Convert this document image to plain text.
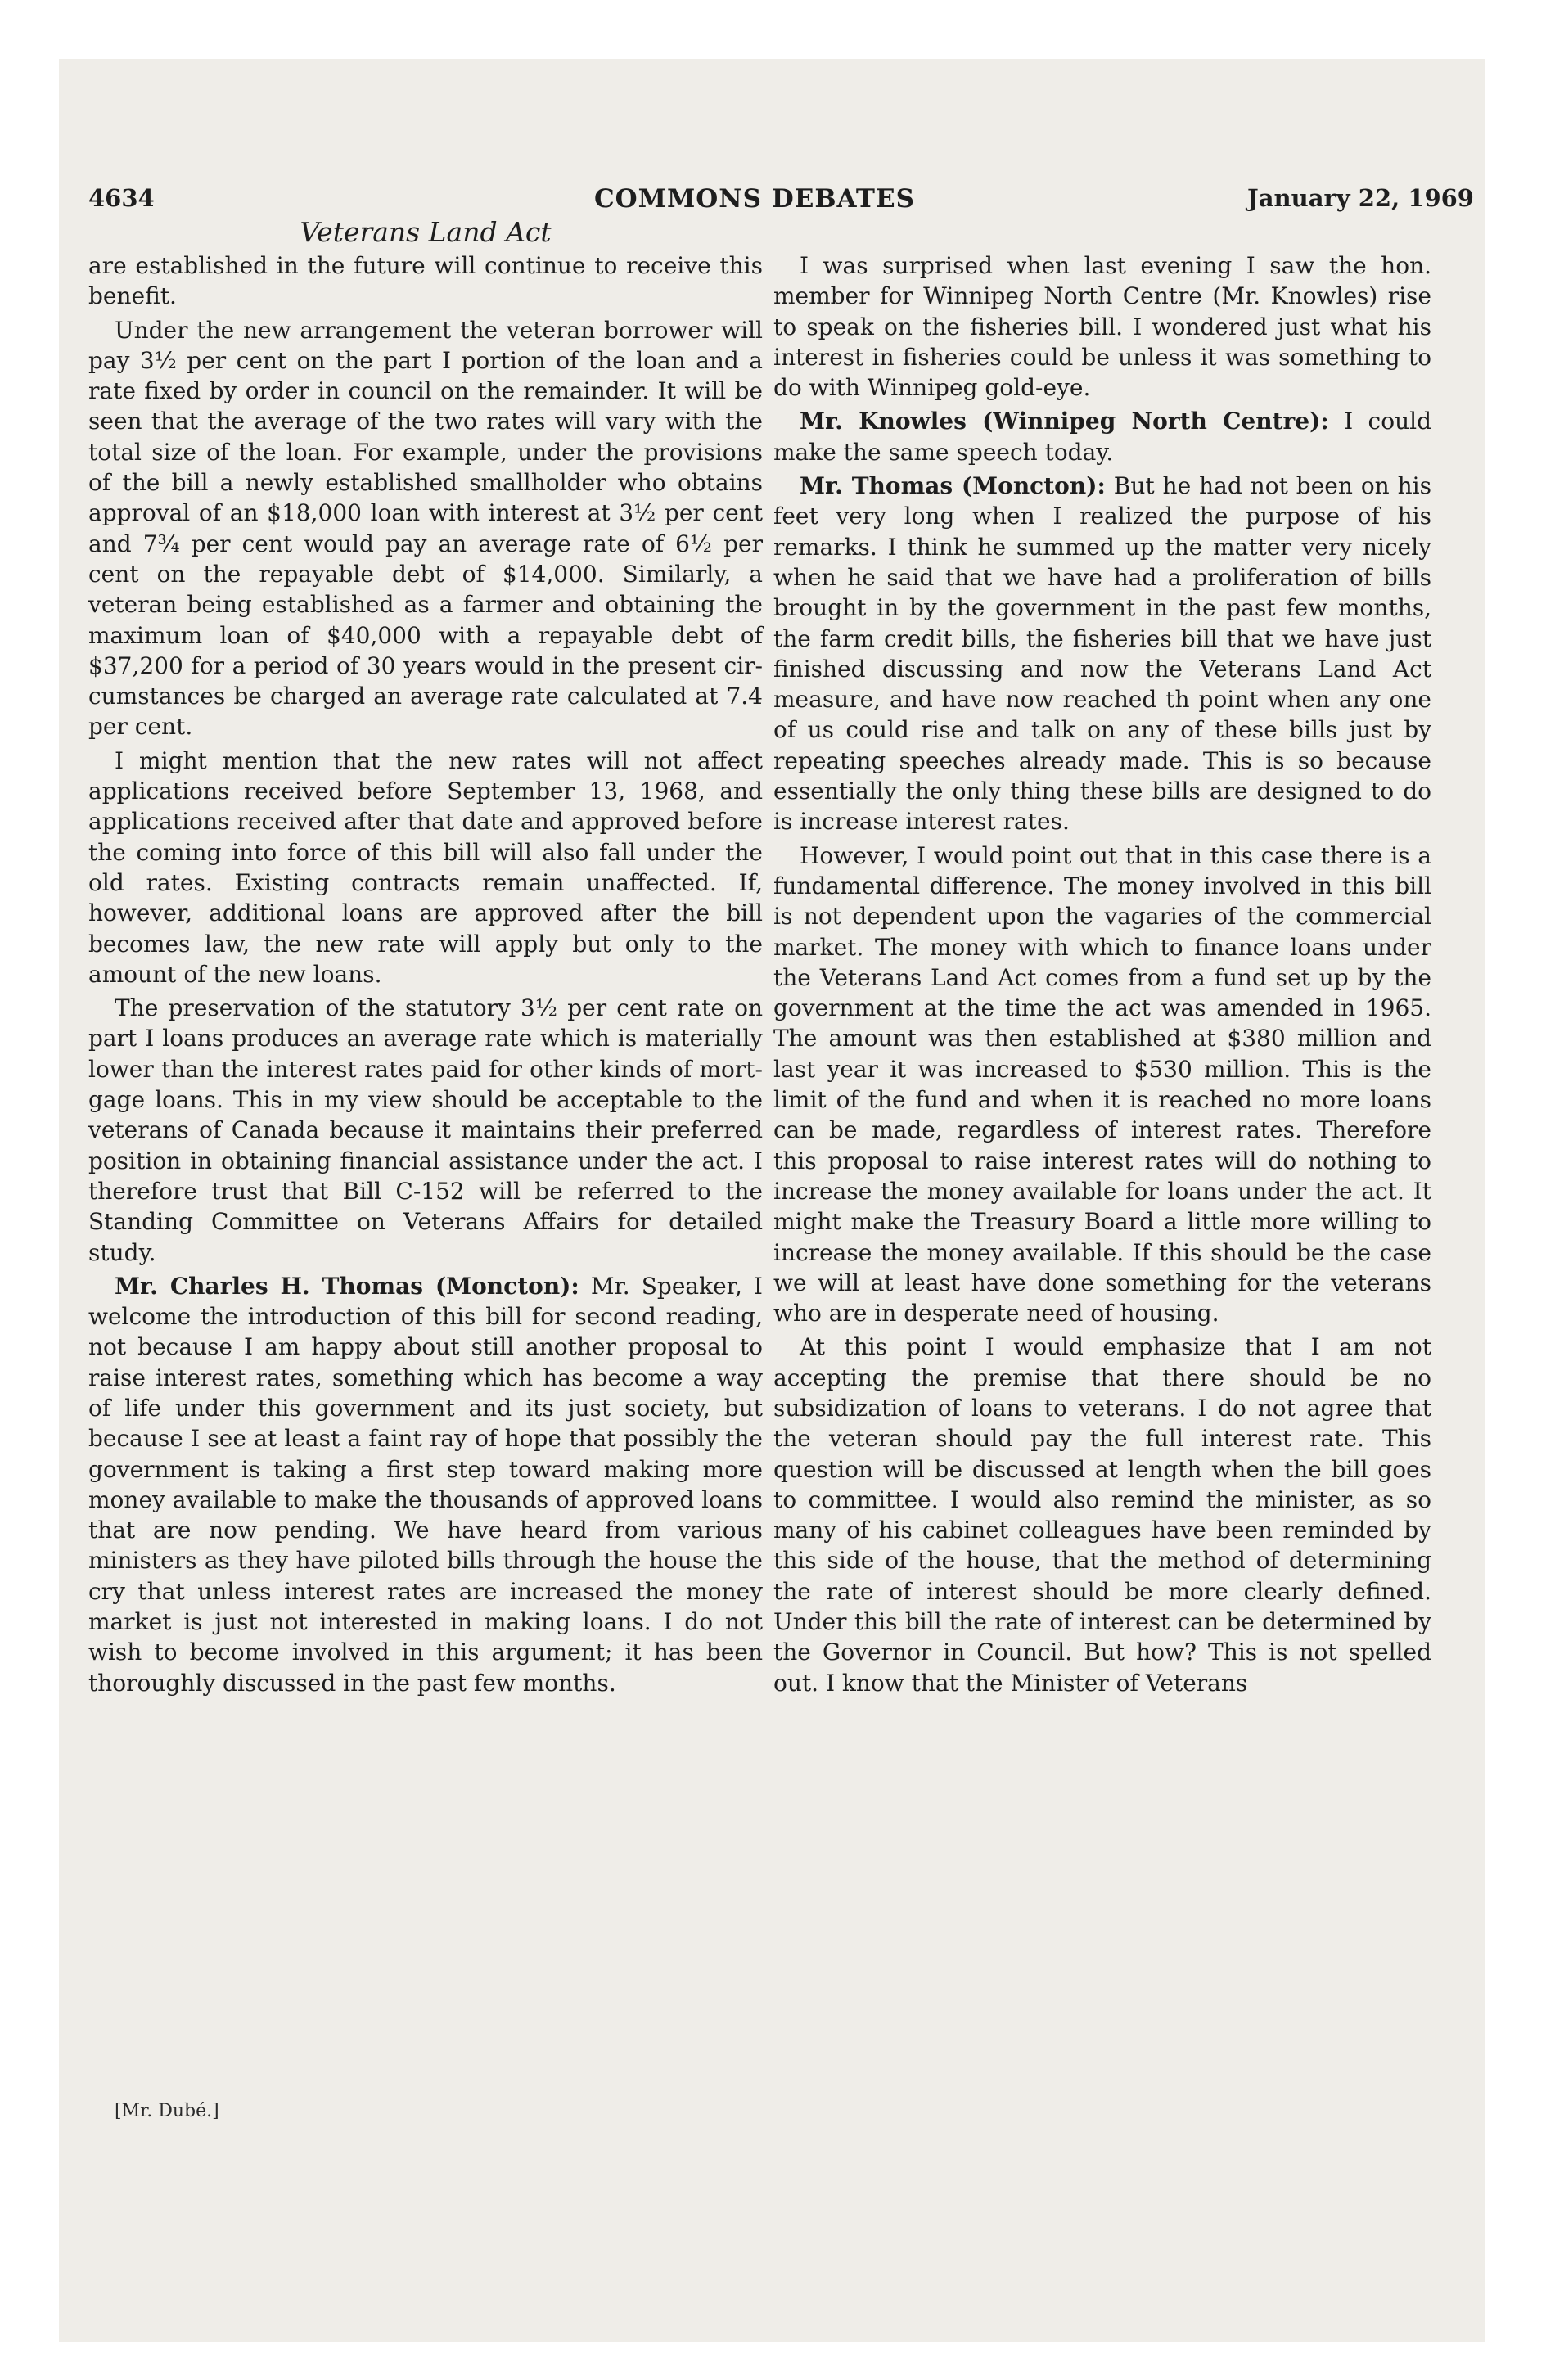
4634	COMMONS DEBATES	January 22, 1969
Veterans Land Act

are established in the future will continue to receive this benefit.

Under the new arrangement the veteran borrower will pay 3½ per cent on the part I portion of the loan and a rate fixed by order in council on the remainder. It will be seen that the average of the two rates will vary with the total size of the loan. For example, under the provisions of the bill a newly established smallholder who obtains approval of an $18,000 loan with interest at 3½ per cent and 7¾ per cent would pay an average rate of 6½ per cent on the repayable debt of $14,000. Similarly, a veteran being established as a farmer and obtaining the maximum loan of $40,000 with a repayable debt of $37,200 for a period of 30 years would in the present circumstances be charged an average rate calculated at 7.4 per cent.

I might mention that the new rates will not affect applications received before September 13, 1968, and applications received after that date and approved before the coming into force of this bill will also fall under the old rates. Existing contracts remain unaffected. If, however, additional loans are approved after the bill becomes law, the new rate will apply but only to the amount of the new loans.

The preservation of the statutory 3½ per cent rate on part I loans produces an average rate which is materially lower than the interest rates paid for other kinds of mortgage loans. This in my view should be acceptable to the veterans of Canada because it maintains their preferred position in obtaining financial assistance under the act. I therefore trust that Bill C-152 will be referred to the Standing Committee on Veterans Affairs for detailed study.

Mr. Charles H. Thomas (Moncton): Mr. Speaker, I welcome the introduction of this bill for second reading, not because I am happy about still another proposal to raise interest rates, something which has become a way of life under this government and its just society, but because I see at least a faint ray of hope that possibly the government is taking a first step toward making more money available to make the thousands of approved loans that are now pending. We have heard from various ministers as they have piloted bills through the house the cry that unless interest rates are increased the money market is just not interested in making loans. I do not wish to become involved in this argument; it has been thoroughly discussed in the past few months.

I was surprised when last evening I saw the hon. member for Winnipeg North Centre (Mr. Knowles) rise to speak on the fisheries bill. I wondered just what his interest in fisheries could be unless it was something to do with Winnipeg gold-eye.

Mr. Knowles (Winnipeg North Centre): I could make the same speech today.

Mr. Thomas (Moncton): But he had not been on his feet very long when I realized the purpose of his remarks. I think he summed up the matter very nicely when he said that we have had a proliferation of bills brought in by the government in the past few months, the farm credit bills, the fisheries bill that we have just finished discussing and now the Veterans Land Act measure, and have now reached th point when any one of us could rise and talk on any of these bills just by repeating speeches already made. This is so because essentially the only thing these bills are designed to do is increase interest rates.

However, I would point out that in this case there is a fundamental difference. The money involved in this bill is not dependent upon the vagaries of the commercial market. The money with which to finance loans under the Veterans Land Act comes from a fund set up by the government at the time the act was amended in 1965. The amount was then established at $380 million and last year it was increased to $530 million. This is the limit of the fund and when it is reached no more loans can be made, regardless of interest rates. Therefore this proposal to raise interest rates will do nothing to increase the money available for loans under the act. It might make the Treasury Board a little more willing to increase the money available. If this should be the case we will at least have done something for the veterans who are in desperate need of housing.

At this point I would emphasize that I am not accepting the premise that there should be no subsidization of loans to veterans. I do not agree that the veteran should pay the full interest rate. This question will be discussed at length when the bill goes to committee. I would also remind the minister, as so many of his cabinet colleagues have been reminded by this side of the house, that the method of determining the rate of interest should be more clearly defined. Under this bill the rate of interest can be determined by the Governor in Council. But how? This is not spelled out. I know that the Minister of Veterans

[Mr. Dubé.]
